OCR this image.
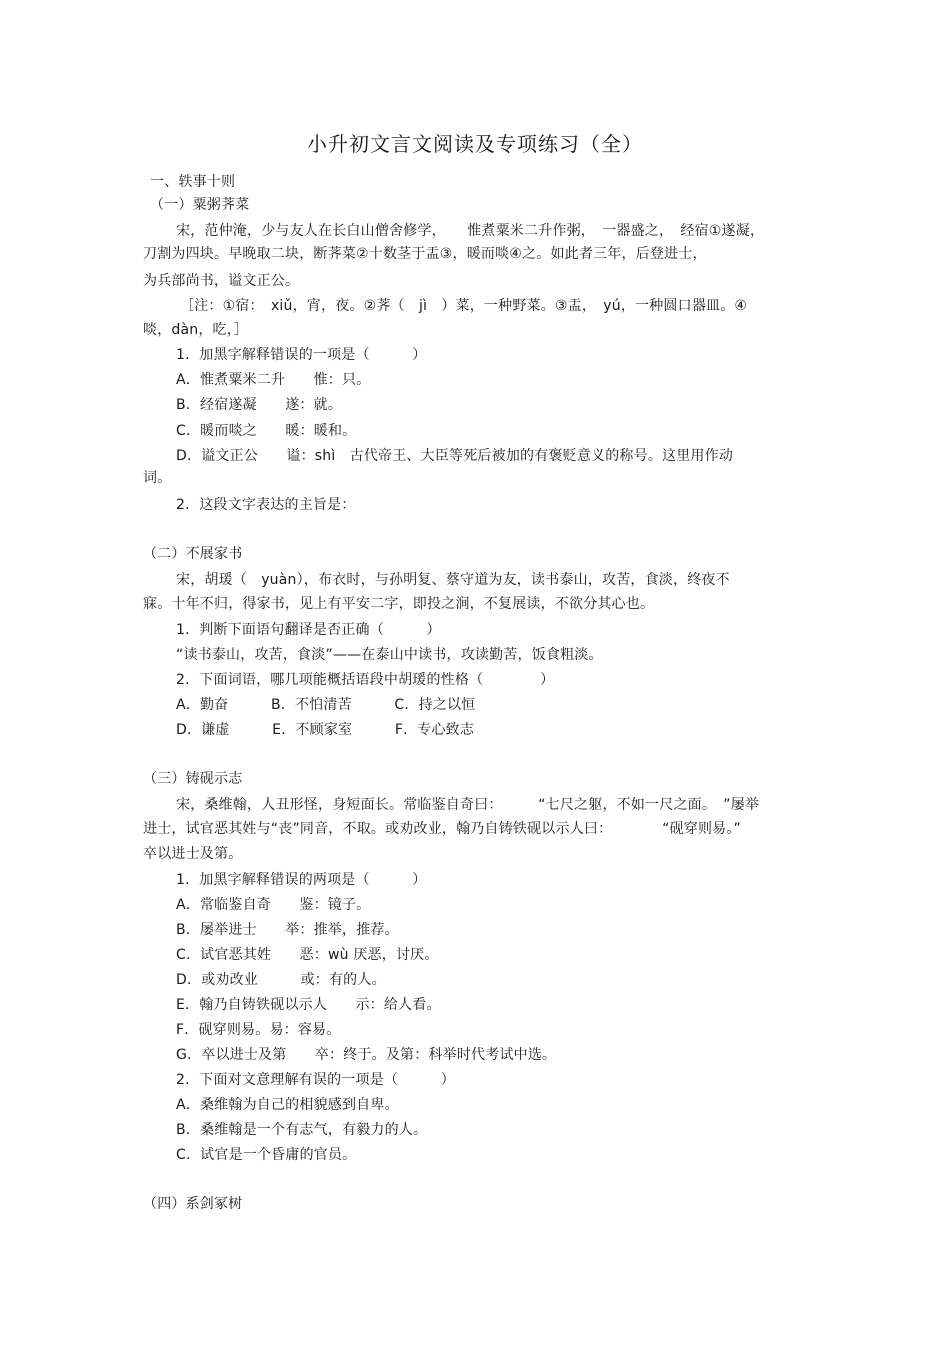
小升初文言文阅读及专项练习（全）
一、轶事十则
（一）粟粥荠菜
宋，范仲淹，少与友人在长白山僧舍修学，　　惟煮粟米二升作粥，　一器盛之，　经宿①遂凝，
刀割为四块。早晚取二块，断荠菜②十数茎于盂③，暖而啖④之。如此者三年，后登进士，
为兵部尚书，谥文正公。
［注：①宿：　xiǔ，宵，夜。②荠（　jì　）菜，一种野菜。③盂，　yú，一种圆口器皿。④
啖，dàn，吃，］
1．加黑字解释错误的一项是（　　　）
A．惟煮粟米二升　　惟：只。
B．经宿遂凝　　遂：就。
C．暖而啖之　　暖：暖和。
D．谥文正公　　谥：shì　古代帝王、大臣等死后被加的有褒贬意义的称号。这里用作动
词。
2．这段文字表达的主旨是：
（二）不展家书
宋，胡瑗（　yuàn），布衣时，与孙明复、蔡守道为友，读书泰山，攻苦，食淡，终夜不
寐。十年不归，得家书，见上有平安二字，即投之涧，不复展读，不欲分其心也。
1．判断下面语句翻译是否正确（　　　）
“读书泰山，攻苦，食淡”——在泰山中读书，攻读勤苦，饭食粗淡。
2．下面词语，哪几项能概括语段中胡瑗的性格（　　　　）
A．勤奋　　　B．不怕清苦　　　C．持之以恒
D．谦虚　　　E．不顾家室　　　F．专心致志
（三）铸砚示志
宋，桑维翰，人丑形怪，身短面长。常临鉴自奇曰：　　　“七尺之躯，不如一尺之面。　”屡举
进士，试官恶其姓与“丧”同音，不取。或劝改业，翰乃自铸铁砚以示人曰：　　　　“砚穿则易。”
卒以进士及第。
1．加黑字解释错误的两项是（　　　）
A．常临鉴自奇　　鉴：镜子。
B．屡举进士　　举：推举，推荐。
C．试官恶其姓　　恶：wù 厌恶，讨厌。
D．或劝改业　　　或：有的人。
E．翰乃自铸铁砚以示人　　示：给人看。
F．砚穿则易。易：容易。
G．卒以进士及第　　卒：终于。及第：科举时代考试中选。
2．下面对文意理解有误的一项是（　　　）
A．桑维翰为自己的相貌感到自卑。
B．桑维翰是一个有志气，有毅力的人。
C．试官是一个昏庸的官员。
（四）系剑冢树
